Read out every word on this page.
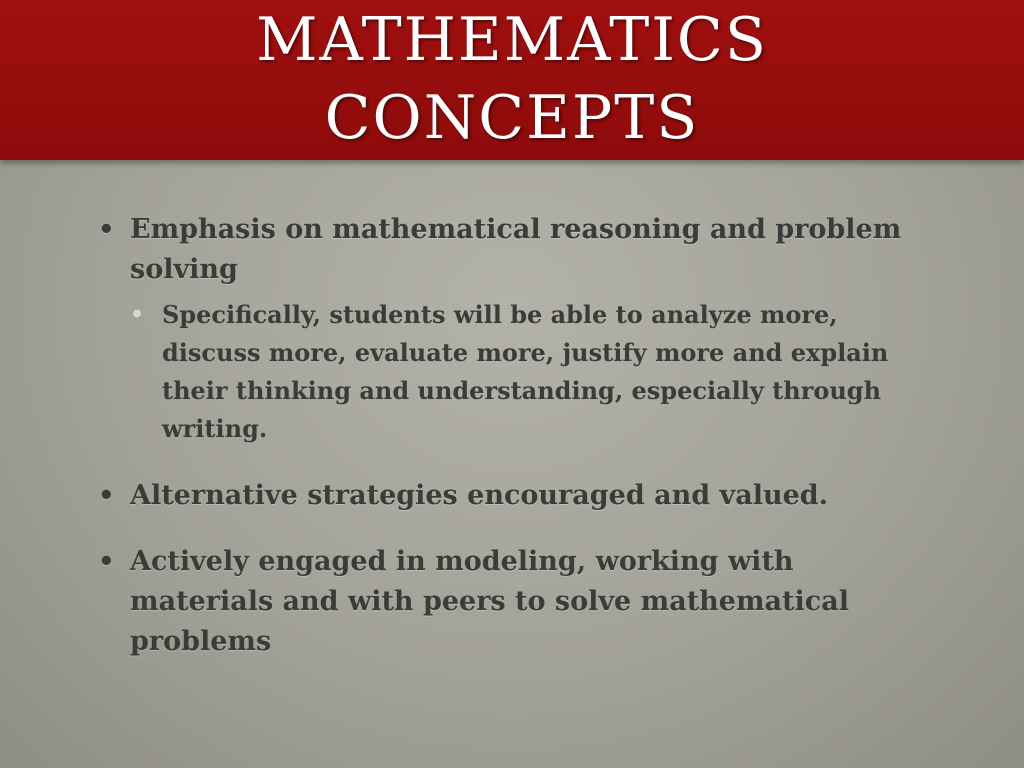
MATHEMATICS
CONCEPTS
• Emphasis on mathematical reasoning and problem solving
• Specifically, students will be able to analyze more, discuss more, evaluate more, justify more and explain their thinking and understanding, especially through writing.
• Alternative strategies encouraged and valued.
• Actively engaged in modeling, working with materials and with peers to solve mathematical problems
